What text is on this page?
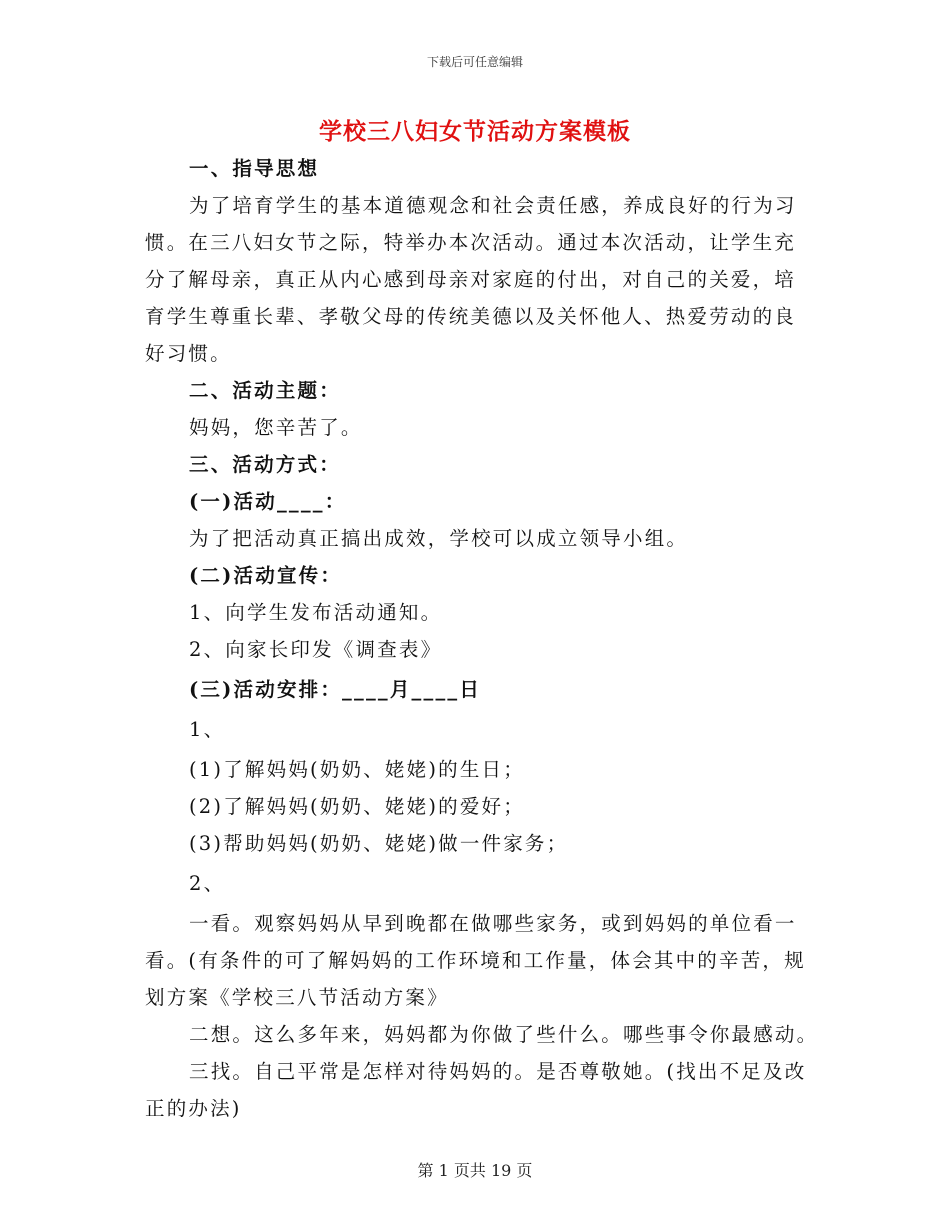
下载后可任意编辑
学校三八妇女节活动方案模板

一、指导思想

为了培育学生的基本道德观念和社会责任感，养成良好的行为习

惯。在三八妇女节之际，特举办本次活动。通过本次活动，让学生充

分了解母亲，真正从内心感到母亲对家庭的付出，对自己的关爱，培

育学生尊重长辈、孝敬父母的传统美德以及关怀他人、热爱劳动的良

好习惯。

二、活动主题：

妈妈，您辛苦了。

三、活动方式：

(一)活动____：

为了把活动真正搞出成效，学校可以成立领导小组。

(二)活动宣传：

1、向学生发布活动通知。

2、向家长印发《调查表》

(三)活动安排：____月____日

1、

(1)了解妈妈(奶奶、姥姥)的生日；

(2)了解妈妈(奶奶、姥姥)的爱好；

(3)帮助妈妈(奶奶、姥姥)做一件家务；

2、

一看。观察妈妈从早到晚都在做哪些家务，或到妈妈的单位看一

看。(有条件的可了解妈妈的工作环境和工作量，体会其中的辛苦，规

划方案《学校三八节活动方案》

二想。这么多年来，妈妈都为你做了些什么。哪些事令你最感动。

三找。自己平常是怎样对待妈妈的。是否尊敬她。(找出不足及改

正的办法)

第 1 页共 19 页
